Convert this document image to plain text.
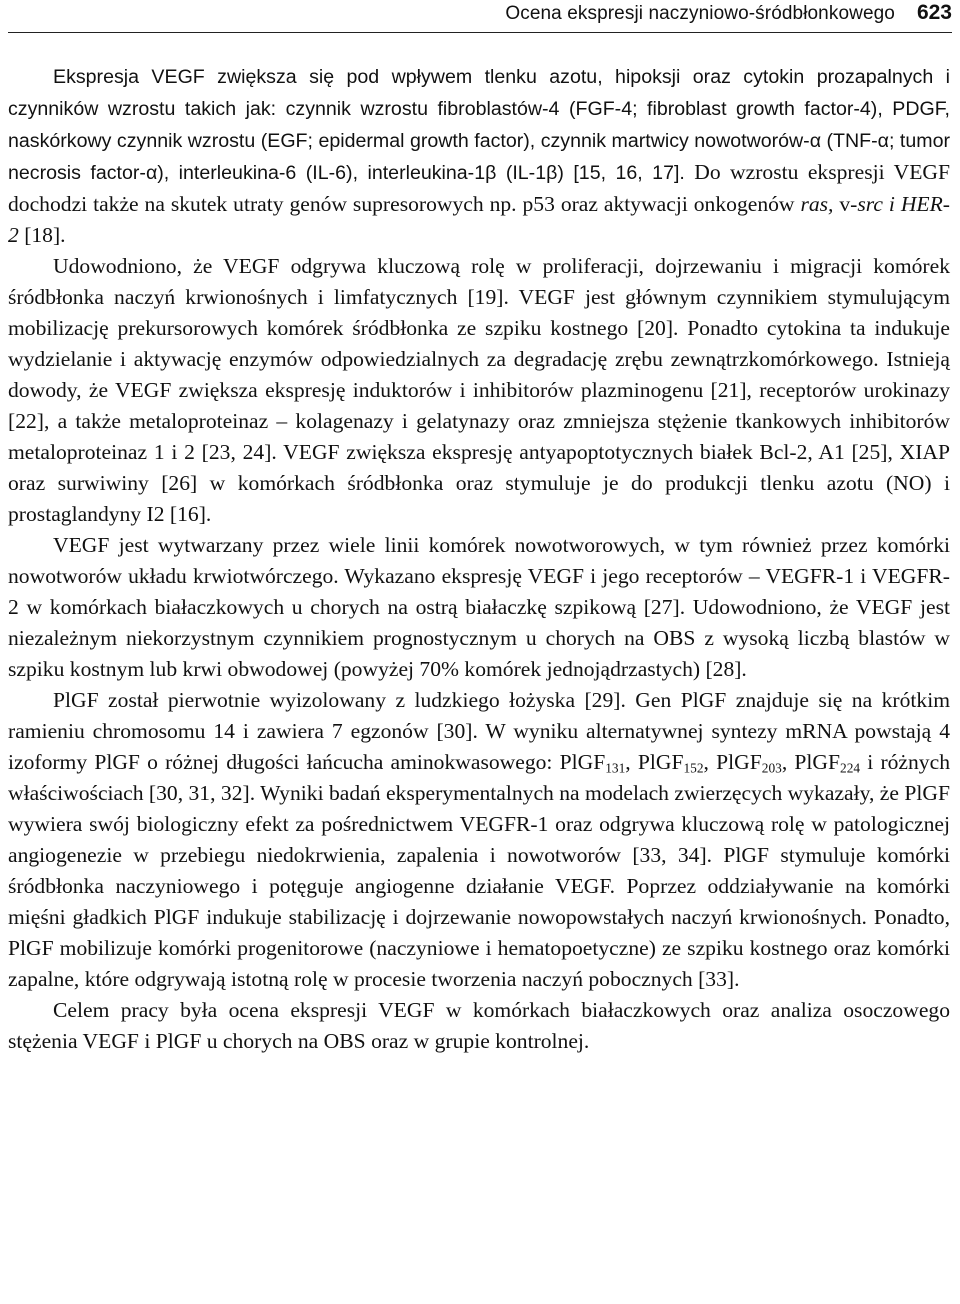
Ocena ekspresji naczyniowo-śródbłonkowego 623

Ekspresja VEGF zwiększa się pod wpływem tlenku azotu, hipoksji oraz cytokin prozapalnych i czynników wzrostu takich jak: czynnik wzrostu fibroblastów-4 (FGF-4; fibroblast growth factor-4), PDGF, naskórkowy czynnik wzrostu (EGF; epidermal growth factor), czynnik martwicy nowotworów-α (TNF-α; tumor necrosis factor-α), interleukina-6 (IL-6), interleukina-1β (IL-1β) [15, 16, 17]. Do wzrostu ekspresji VEGF dochodzi także na skutek utraty genów supresorowych np. p53 oraz aktywacji onkogenów ras, v-src i HER-2 [18].

Udowodniono, że VEGF odgrywa kluczową rolę w proliferacji, dojrzewaniu i migracji komórek śródbłonka naczyń krwionośnych i limfatycznych [19]. VEGF jest głównym czynnikiem stymulującym mobilizację prekursorowych komórek śródbłonka ze szpiku kostnego [20]. Ponadto cytokina ta indukuje wydzielanie i aktywację enzymów odpowiedzialnych za degradację zrębu zewnątrzkomórkowego. Istnieją dowody, że VEGF zwiększa ekspresję induktorów i inhibitorów plazminogenu [21], receptorów urokinazy [22], a także metaloproteinaz – kolagenazy i gelatynazy oraz zmniejsza stężenie tkankowych inhibitorów metaloproteinaz 1 i 2 [23, 24]. VEGF zwiększa ekspresję antyapoptotycznych białek Bcl-2, A1 [25], XIAP oraz surwiwiny [26] w komórkach śródbłonka oraz stymuluje je do produkcji tlenku azotu (NO) i prostaglandyny I2 [16].

VEGF jest wytwarzany przez wiele linii komórek nowotworowych, w tym również przez komórki nowotworów układu krwiotwórczego. Wykazano ekspresję VEGF i jego receptorów – VEGFR-1 i VEGFR-2 w komórkach białaczkowych u chorych na ostrą białaczkę szpikową [27]. Udowodniono, że VEGF jest niezależnym niekorzystnym czynnikiem prognostycznym u chorych na OBS z wysoką liczbą blastów w szpiku kostnym lub krwi obwodowej (powyżej 70% komórek jednojądrzastych) [28].

PlGF został pierwotnie wyizolowany z ludzkiego łożyska [29]. Gen PlGF znajduje się na krótkim ramieniu chromosomu 14 i zawiera 7 egzonów [30]. W wyniku alternatywnej syntezy mRNA powstają 4 izoformy PlGF o różnej długości łańcucha aminokwasowego: PlGF$_{131}$, PlGF$_{152}$, PlGF$_{203}$, PlGF$_{224}$ i różnych właściwościach [30, 31, 32]. Wyniki badań eksperymentalnych na modelach zwierzęcych wykazały, że PlGF wywiera swój biologiczny efekt za pośrednictwem VEGFR-1 oraz odgrywa kluczową rolę w patologicznej angiogenezie w przebiegu niedokrwienia, zapalenia i nowotworów [33, 34]. PlGF stymuluje komórki śródbłonka naczyniowego i potęguje angiogenne działanie VEGF. Poprzez oddziaływanie na komórki mięśni gładkich PlGF indukuje stabilizację i dojrzewanie nowopowstałych naczyń krwionośnych. Ponadto, PlGF mobilizuje komórki progenitorowe (naczyniowe i hematopoetyczne) ze szpiku kostnego oraz komórki zapalne, które odgrywają istotną rolę w procesie tworzenia naczyń pobocznych [33].

Celem pracy była ocena ekspresji VEGF w komórkach białaczkowych oraz analiza osoczowego stężenia VEGF i PlGF u chorych na OBS oraz w grupie kontrolnej.
